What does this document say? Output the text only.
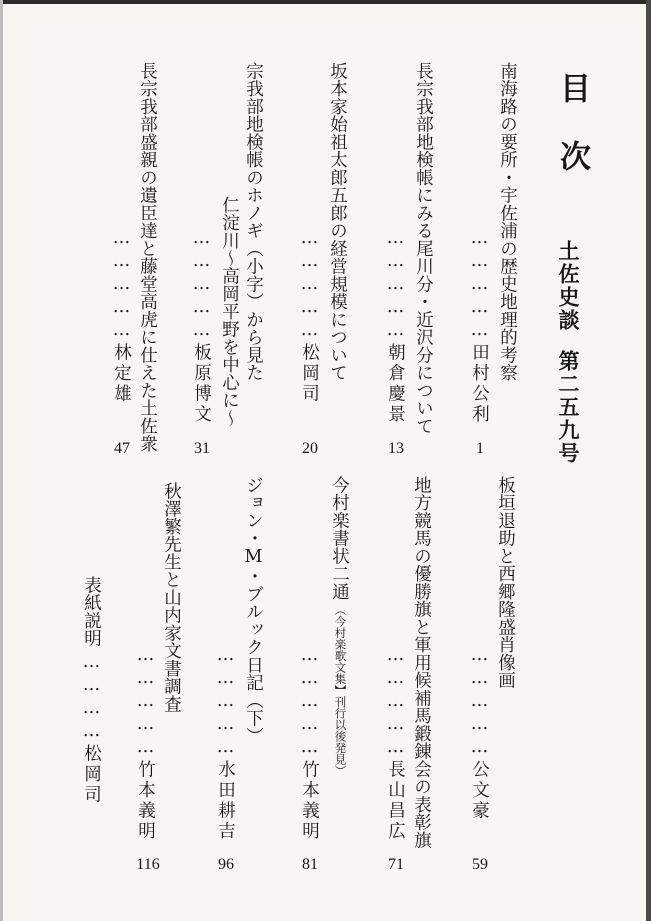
目
次
土佐史談
第二五九号
南海路の要所・宇佐浦の歴史地理的考察
……………田村公利
1
長宗我部地検帳にみる尾川分・近沢分について
……………朝倉慶景
13
坂本家始祖太郎五郎の経営規模について
……………松岡司
20
宗我部地検帳のホノギ（小字）から見た
仁淀川～高岡平野を中心に～
……………板原博文
31
長宗我部盛親の遺臣達と藤堂高虎に仕えた土佐衆
……………林定雄
47
板垣退助と西郷隆盛肖像画
……………公文豪
59
地方競馬の優勝旗と軍用候補馬鍛錬会の表彰旗
……………長山昌広
71
今村楽書状二通
（今村楽歌文集】刊行以後発見）
……………竹本義明
81
ジョン・M・ブルック日記（下）
……………水田耕吉
96
秋澤繁先生と山内家文書調査
……………竹本義明
116
表紙説明
…………松岡司
